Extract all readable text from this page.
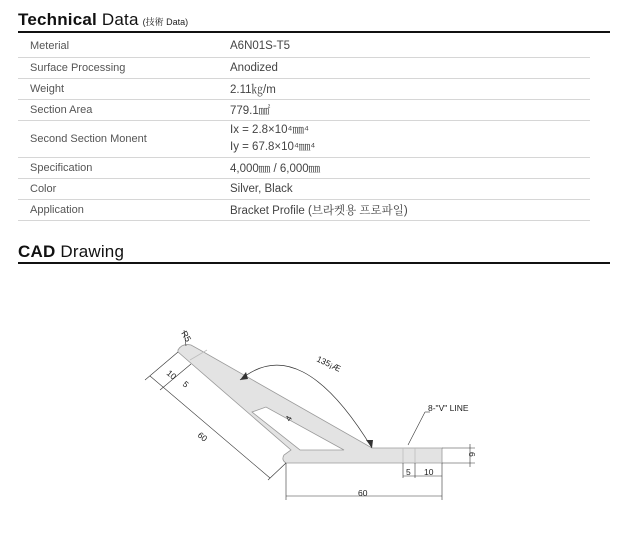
Technical Data (技術 Data)
Meterial	A6N01S-T5
Surface Processing	Anodized
Weight	2.11㎏/m
Section Area	779.1㎟
Second Section Monent	Ix = 2.8×10⁴㎜⁴
Iy = 67.8×10⁴㎜⁴

Specification	4,000㎜ / 6,000㎜
Color	Silver, Black
Application	Bracket Profile (브라켓용 프로파일)
CAD Drawing
R5
10
5
60
135¡Æ
4
8-"V" LINE
6
5 10
60
